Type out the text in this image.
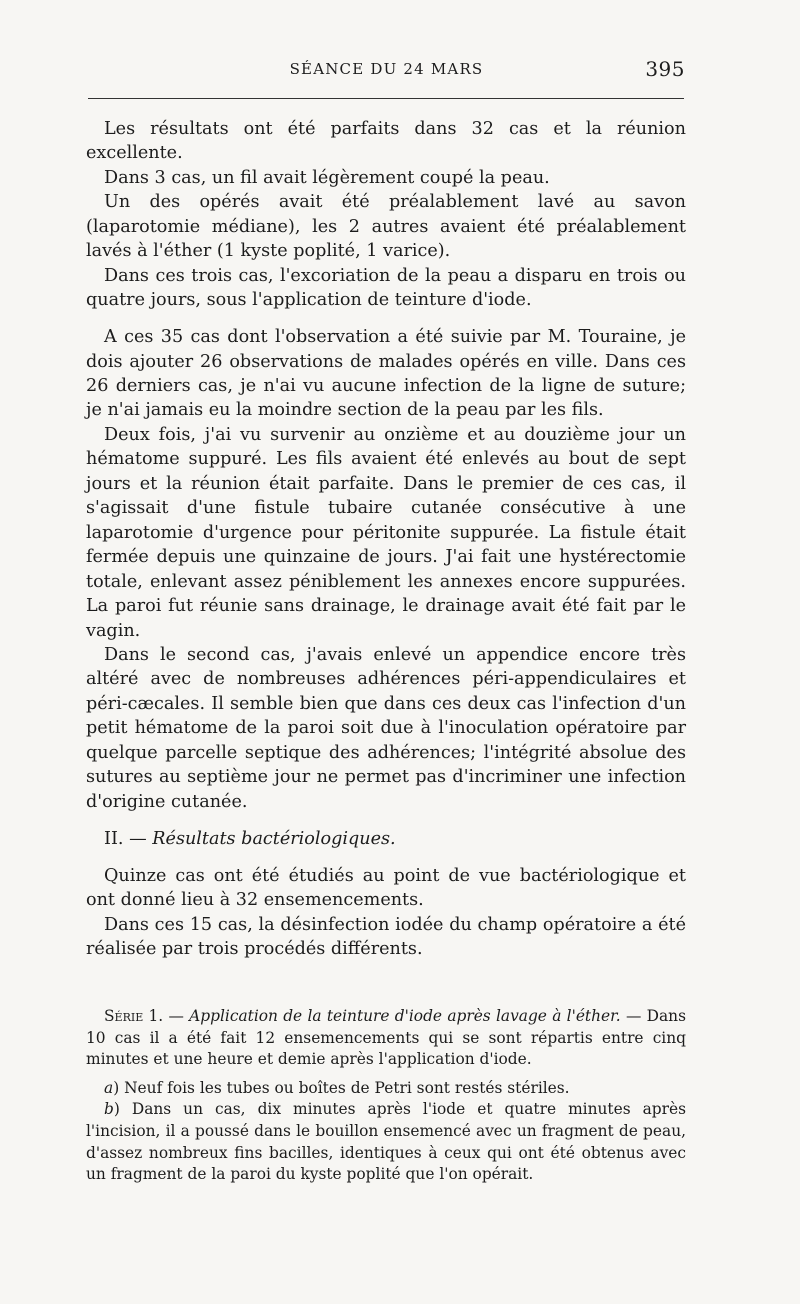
SÉANCE DU 24 MARS	395

Les résultats ont été parfaits dans 32 cas et la réunion excellente.

Dans 3 cas, un fil avait légèrement coupé la peau.

Un des opérés avait été préalablement lavé au savon (laparotomie médiane), les 2 autres avaient été préalablement lavés à l'éther (1 kyste poplité, 1 varice).

Dans ces trois cas, l'excoriation de la peau a disparu en trois ou quatre jours, sous l'application de teinture d'iode.

A ces 35 cas dont l'observation a été suivie par M. Touraine, je dois ajouter 26 observations de malades opérés en ville. Dans ces 26 derniers cas, je n'ai vu aucune infection de la ligne de suture; je n'ai jamais eu la moindre section de la peau par les fils.

Deux fois, j'ai vu survenir au onzième et au douzième jour un hématome suppuré. Les fils avaient été enlevés au bout de sept jours et la réunion était parfaite. Dans le premier de ces cas, il s'agissait d'une fistule tubaire cutanée consécutive à une laparotomie d'urgence pour péritonite suppurée. La fistule était fermée depuis une quinzaine de jours. J'ai fait une hystérectomie totale, enlevant assez péniblement les annexes encore suppurées. La paroi fut réunie sans drainage, le drainage avait été fait par le vagin.

Dans le second cas, j'avais enlevé un appendice encore très altéré avec de nombreuses adhérences péri-appendiculaires et péri-cæcales. Il semble bien que dans ces deux cas l'infection d'un petit hématome de la paroi soit due à l'inoculation opératoire par quelque parcelle septique des adhérences; l'intégrité absolue des sutures au septième jour ne permet pas d'incriminer une infection d'origine cutanée.

II. — Résultats bactériologiques.

Quinze cas ont été étudiés au point de vue bactériologique et ont donné lieu à 32 ensemencements.

Dans ces 15 cas, la désinfection iodée du champ opératoire a été réalisée par trois procédés différents.

Série 1. — Application de la teinture d'iode après lavage à l'éther. — Dans 10 cas il a été fait 12 ensemencements qui se sont répartis entre cinq minutes et une heure et demie après l'application d'iode.

a) Neuf fois les tubes ou boîtes de Petri sont restés stériles.

b) Dans un cas, dix minutes après l'iode et quatre minutes après l'incision, il a poussé dans le bouillon ensemencé avec un fragment de peau, d'assez nombreux fins bacilles, identiques à ceux qui ont été obtenus avec un fragment de la paroi du kyste poplité que l'on opérait.
